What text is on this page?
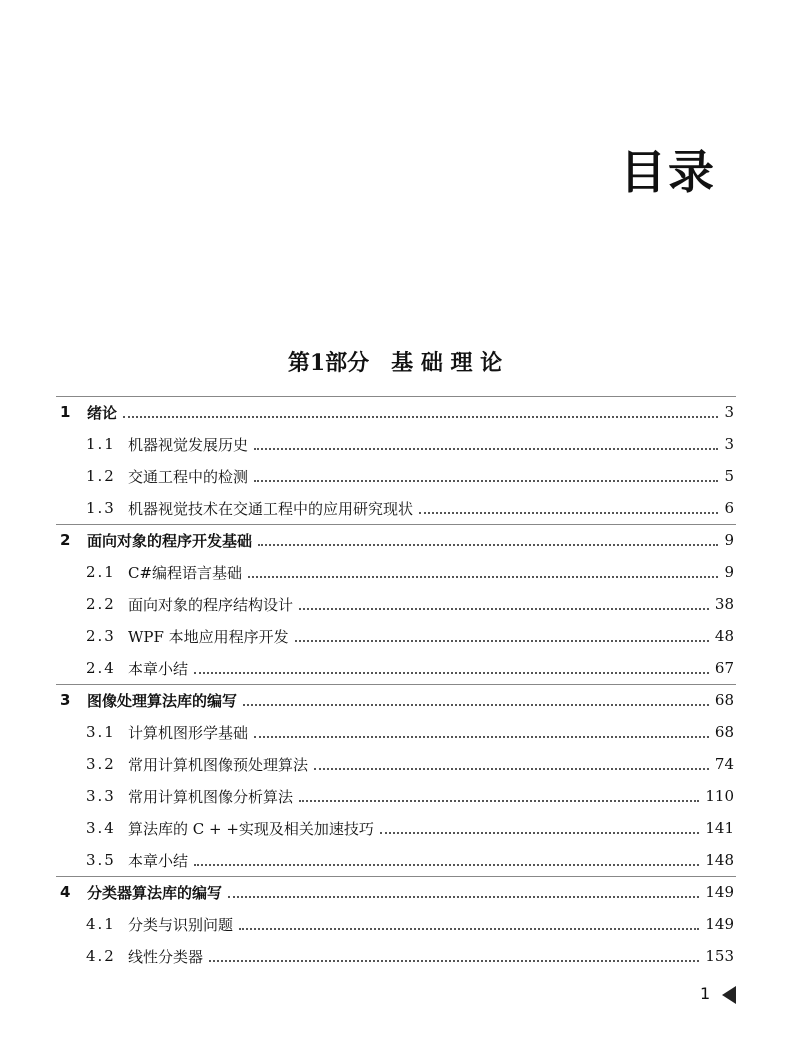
目录
第1部分 基 础 理 论
1 绪论	3
1.1 机器视觉发展历史	3
1.2 交通工程中的检测	5
1.3 机器视觉技术在交通工程中的应用研究现状	6
2 面向对象的程序开发基础	9
2.1 C#编程语言基础	9
2.2 面向对象的程序结构设计	38
2.3 WPF 本地应用程序开发	48
2.4 本章小结	67
3 图像处理算法库的编写	68
3.1 计算机图形学基础	68
3.2 常用计算机图像预处理算法	74
3.3 常用计算机图像分析算法	110
3.4 算法库的 C + +实现及相关加速技巧	141
3.5 本章小结	148
4 分类器算法库的编写	149
4.1 分类与识别问题	149
4.2 线性分类器	153
1
